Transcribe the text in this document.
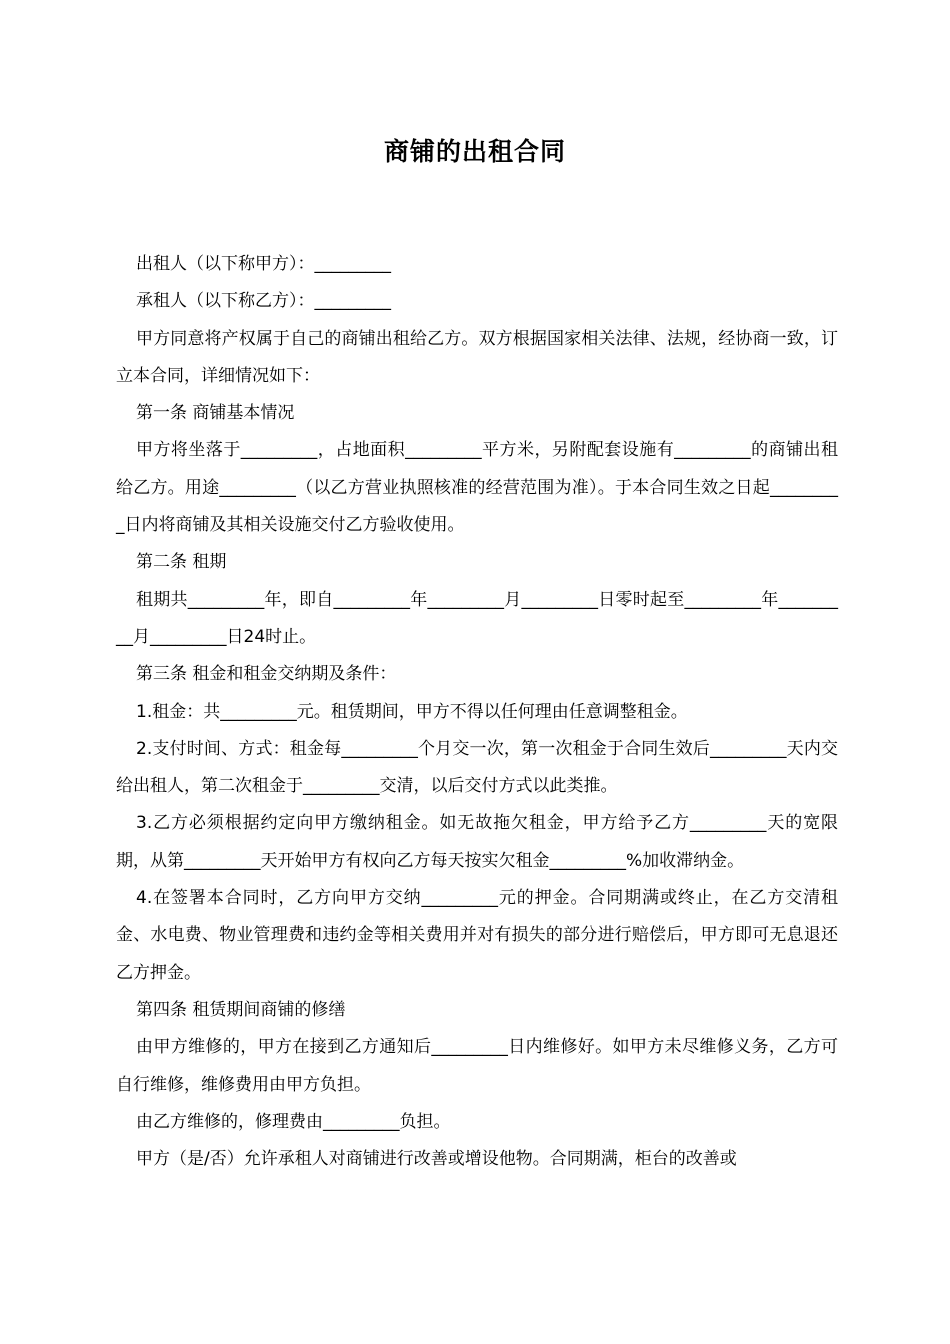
商铺的出租合同

出租人（以下称甲方）：_________

承租人（以下称乙方）：_________

甲方同意将产权属于自己的商铺出租给乙方。双方根据国家相关法律、法规，经协商一致，订立本合同，详细情况如下：

第一条 商铺基本情况

甲方将坐落于_________，占地面积_________平方米，另附配套设施有_________的商铺出租给乙方。用途_________（以乙方营业执照核准的经营范围为准）。于本合同生效之日起_________日内将商铺及其相关设施交付乙方验收使用。

第二条 租期

租期共_________年，即自_________年_________月_________日零时起至_________年_________月_________日24时止。

第三条 租金和租金交纳期及条件：

1.租金：共_________元。租赁期间，甲方不得以任何理由任意调整租金。

2.支付时间、方式：租金每_________个月交一次，第一次租金于合同生效后_________天内交给出租人，第二次租金于_________交清，以后交付方式以此类推。

3.乙方必须根据约定向甲方缴纳租金。如无故拖欠租金，甲方给予乙方_________天的宽限期，从第_________天开始甲方有权向乙方每天按实欠租金_________%加收滞纳金。

4.在签署本合同时，乙方向甲方交纳_________元的押金。合同期满或终止，在乙方交清租金、水电费、物业管理费和违约金等相关费用并对有损失的部分进行赔偿后，甲方即可无息退还乙方押金。

第四条 租赁期间商铺的修缮

由甲方维修的，甲方在接到乙方通知后_________日内维修好。如甲方未尽维修义务，乙方可自行维修，维修费用由甲方负担。

由乙方维修的，修理费由_________负担。

甲方（是/否）允许承租人对商铺进行改善或增设他物。合同期满，柜台的改善或
